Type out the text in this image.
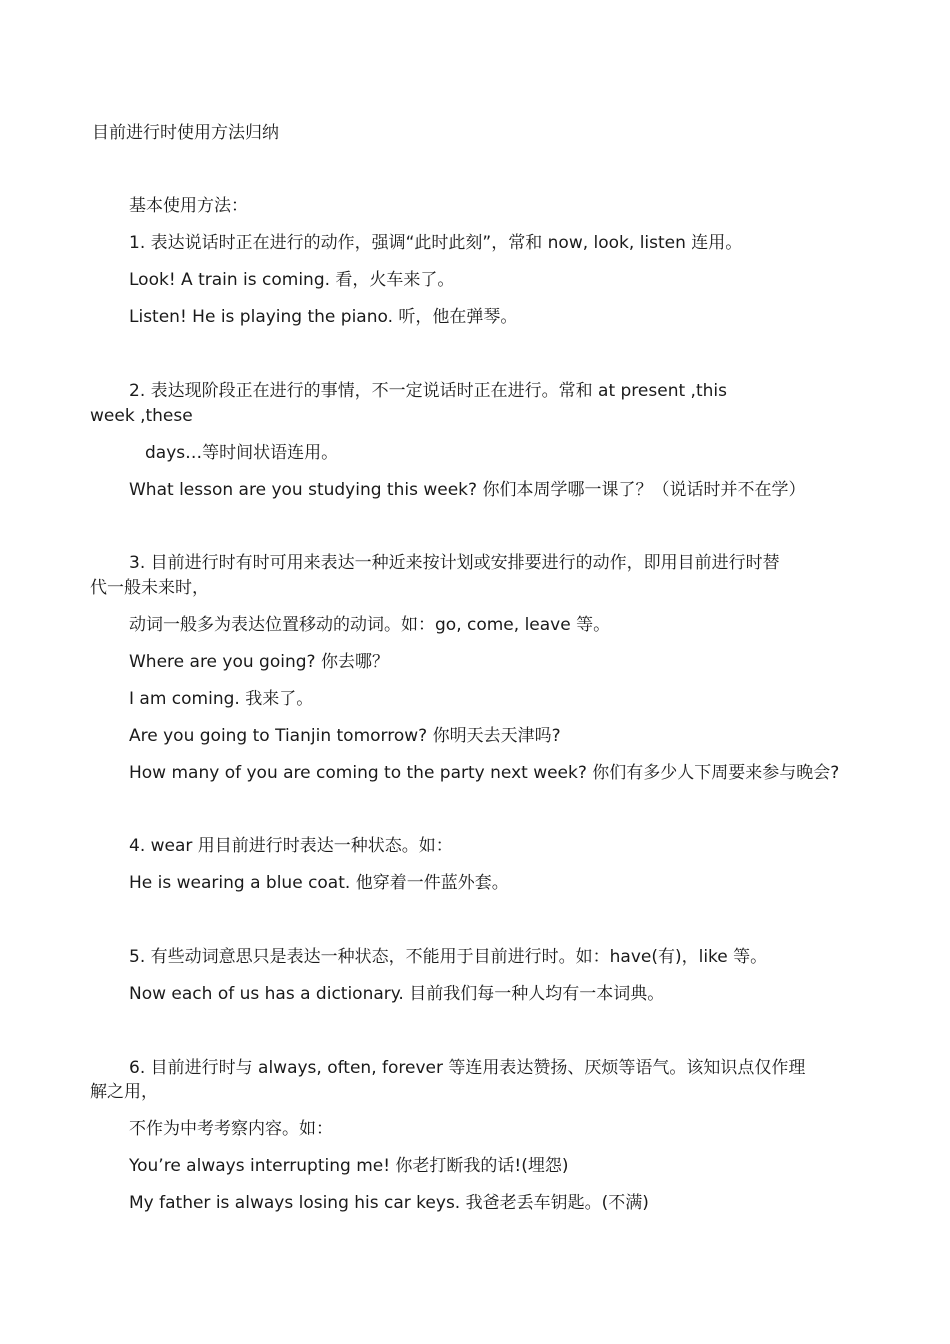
目前进行时使用方法归纳
基本使用方法：
1. 表达说话时正在进行的动作，强调“此时此刻”，常和 now, look, listen 连用。
Look! A train is coming. 看，火车来了。
Listen! He is playing the piano. 听，他在弹琴。
2. 表达现阶段正在进行的事情，不一定说话时正在进行。常和 at present ,this
week ,these
days…等时间状语连用。
What lesson are you studying this week? 你们本周学哪一课了？（说话时并不在学）
3. 目前进行时有时可用来表达一种近来按计划或安排要进行的动作，即用目前进行时替
代一般未来时，
动词一般多为表达位置移动的动词。如：go, come, leave 等。
Where are you going? 你去哪？
I am coming. 我来了。
Are you going to Tianjin tomorrow? 你明天去天津吗?
How many of you are coming to the party next week? 你们有多少人下周要来参与晚会?
4. wear 用目前进行时表达一种状态。如：
He is wearing a blue coat. 他穿着一件蓝外套。
5. 有些动词意思只是表达一种状态，不能用于目前进行时。如：have(有)，like 等。
Now each of us has a dictionary. 目前我们每一种人均有一本词典。
6. 目前进行时与 always, often, forever 等连用表达赞扬、厌烦等语气。该知识点仅作理
解之用，
不作为中考考察内容。如：
You’re always interrupting me! 你老打断我的话!(埋怨)
My father is always losing his car keys. 我爸老丢车钥匙。(不满)
